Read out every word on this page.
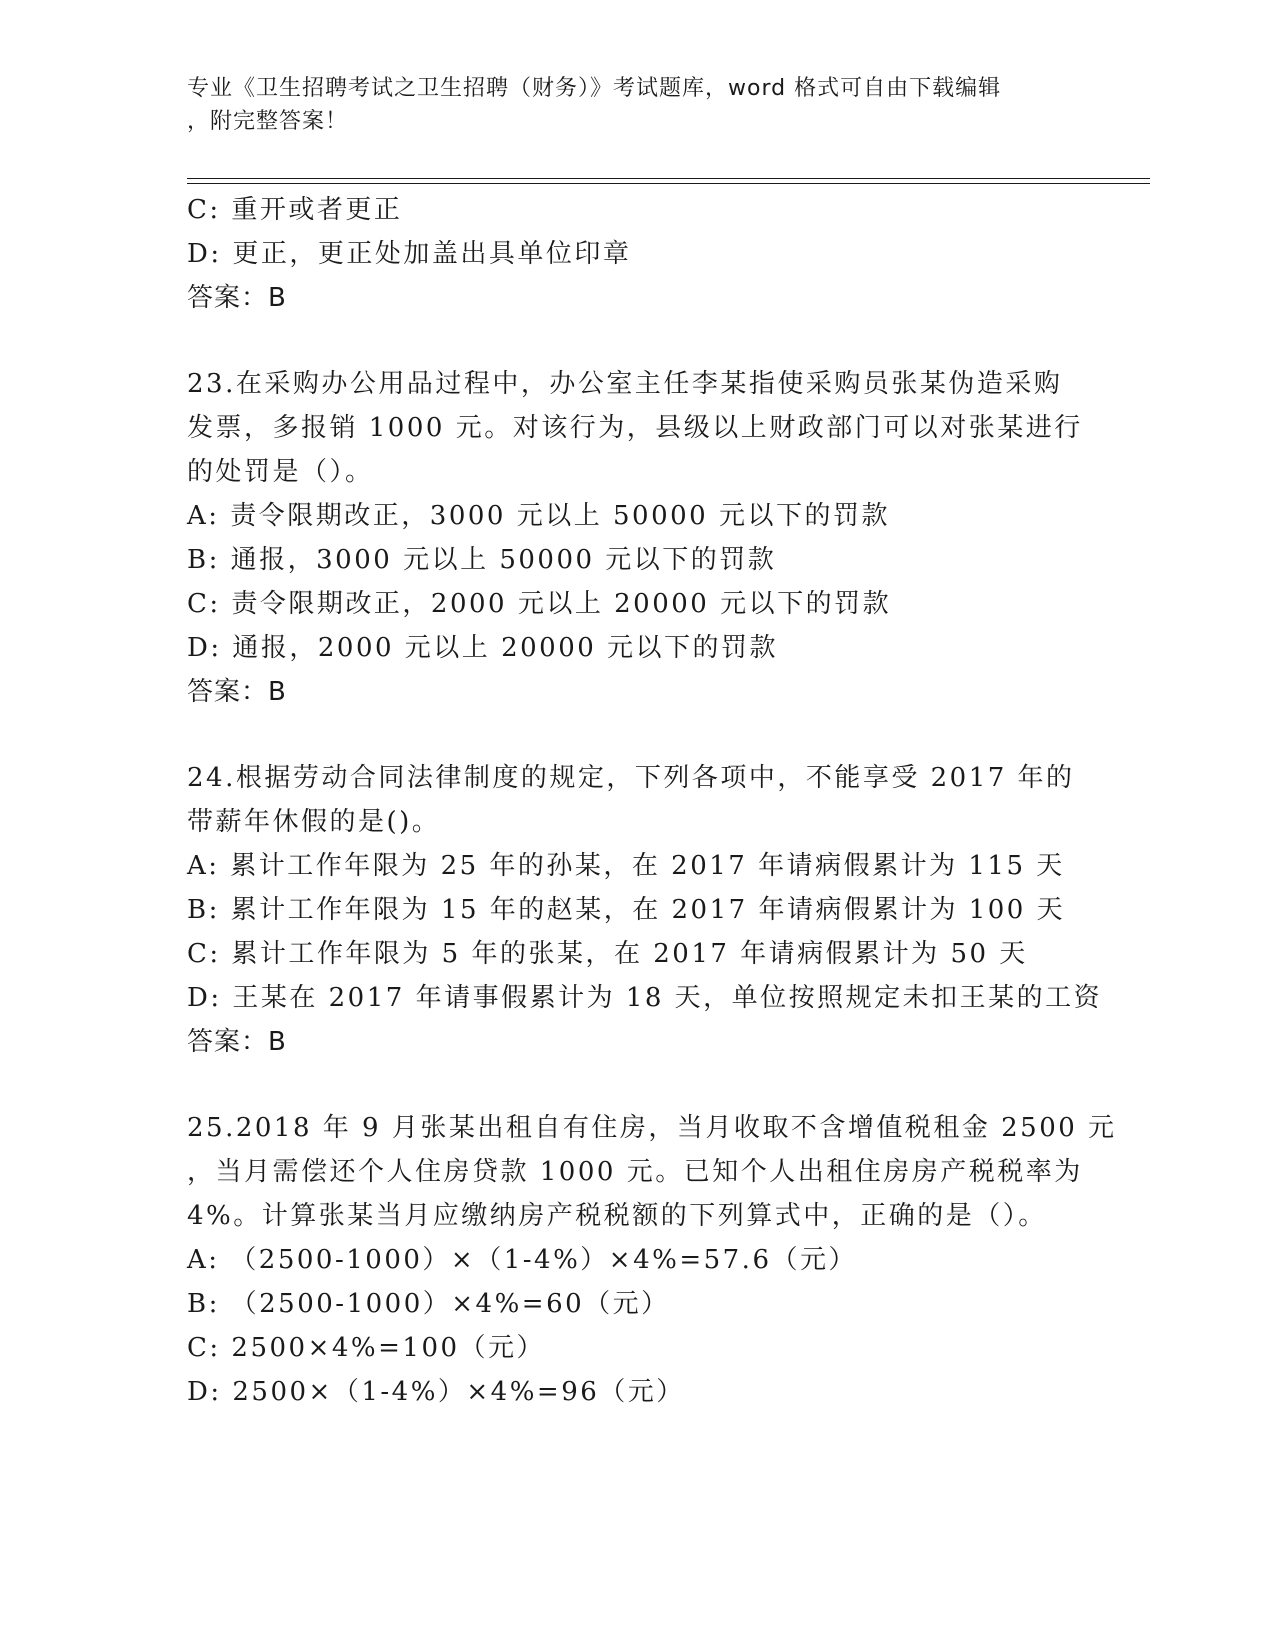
专业《卫生招聘考试之卫生招聘（财务）》考试题库，word 格式可自由下载编辑
，附完整答案！
C: 重开或者更正
D: 更正，更正处加盖出具单位印章
答案：B
23.在采购办公用品过程中，办公室主任李某指使采购员张某伪造采购
发票，多报销 1000 元。对该行为，县级以上财政部门可以对张某进行
的处罚是（）。
A: 责令限期改正，3000 元以上 50000 元以下的罚款
B: 通报，3000 元以上 50000 元以下的罚款
C: 责令限期改正，2000 元以上 20000 元以下的罚款
D: 通报，2000 元以上 20000 元以下的罚款
答案：B
24.根据劳动合同法律制度的规定，下列各项中，不能享受 2017 年的
带薪年休假的是()。
A: 累计工作年限为 25 年的孙某，在 2017 年请病假累计为 115 天
B: 累计工作年限为 15 年的赵某，在 2017 年请病假累计为 100 天
C: 累计工作年限为 5 年的张某，在 2017 年请病假累计为 50 天
D: 王某在 2017 年请事假累计为 18 天，单位按照规定未扣王某的工资
答案：B
25.2018 年 9 月张某出租自有住房，当月收取不含增值税租金 2500 元
，当月需偿还个人住房贷款 1000 元。已知个人出租住房房产税税率为
4%。计算张某当月应缴纳房产税税额的下列算式中，正确的是（）。
A: （2500-1000）×（1-4%）×4%=57.6（元）
B: （2500-1000）×4%=60（元）
C: 2500×4%=100（元）
D: 2500×（1-4%）×4%=96（元）
